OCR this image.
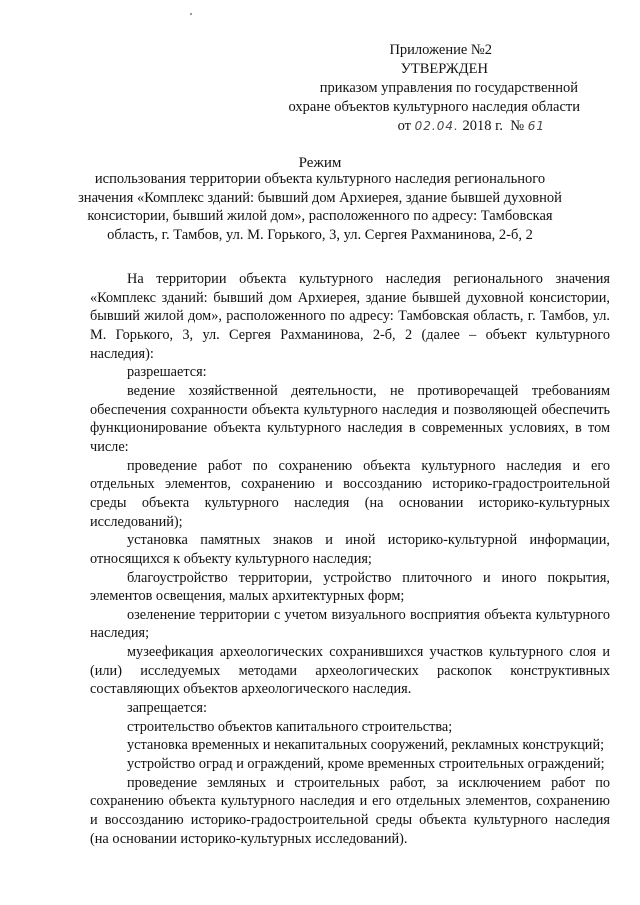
Приложение №2
УТВЕРЖДЕН
приказом управления по государственной
охране объектов культурного наследия области
от 02.04. 2018 г. № 61
Режим
использования территории объекта культурного наследия регионального значения «Комплекс зданий: бывший дом Архиерея, здание бывшей духовной консистории, бывший жилой дом», расположенного по адресу: Тамбовская область, г. Тамбов, ул. М. Горького, 3, ул. Сергея Рахманинова, 2-б, 2

На территории объекта культурного наследия регионального значения «Комплекс зданий: бывший дом Архиерея, здание бывшей духовной консистории, бывший жилой дом», расположенного по адресу: Тамбовская область, г. Тамбов, ул. М. Горького, 3, ул. Сергея Рахманинова, 2-б, 2 (далее – объект культурного наследия):

разрешается:

ведение хозяйственной деятельности, не противоречащей требованиям обеспечения сохранности объекта культурного наследия и позволяющей обеспечить функционирование объекта культурного наследия в современных условиях, в том числе:

проведение работ по сохранению объекта культурного наследия и его отдельных элементов, сохранению и воссозданию историко-градостроительной среды объекта культурного наследия (на основании историко-культурных исследований);

установка памятных знаков и иной историко-культурной информации, относящихся к объекту культурного наследия;

благоустройство территории, устройство плиточного и иного покрытия, элементов освещения, малых архитектурных форм;

озеленение территории с учетом визуального восприятия объекта культурного наследия;

музеефикация археологических сохранившихся участков культурного слоя и (или) исследуемых методами археологических раскопок конструктивных составляющих объектов археологического наследия.

запрещается:

строительство объектов капитального строительства;

установка временных и некапитальных сооружений, рекламных конструкций;

устройство оград и ограждений, кроме временных строительных ограждений;

проведение земляных и строительных работ, за исключением работ по сохранению объекта культурного наследия и его отдельных элементов, сохранению и воссозданию историко-градостроительной среды объекта культурного наследия (на основании историко-культурных исследований).
